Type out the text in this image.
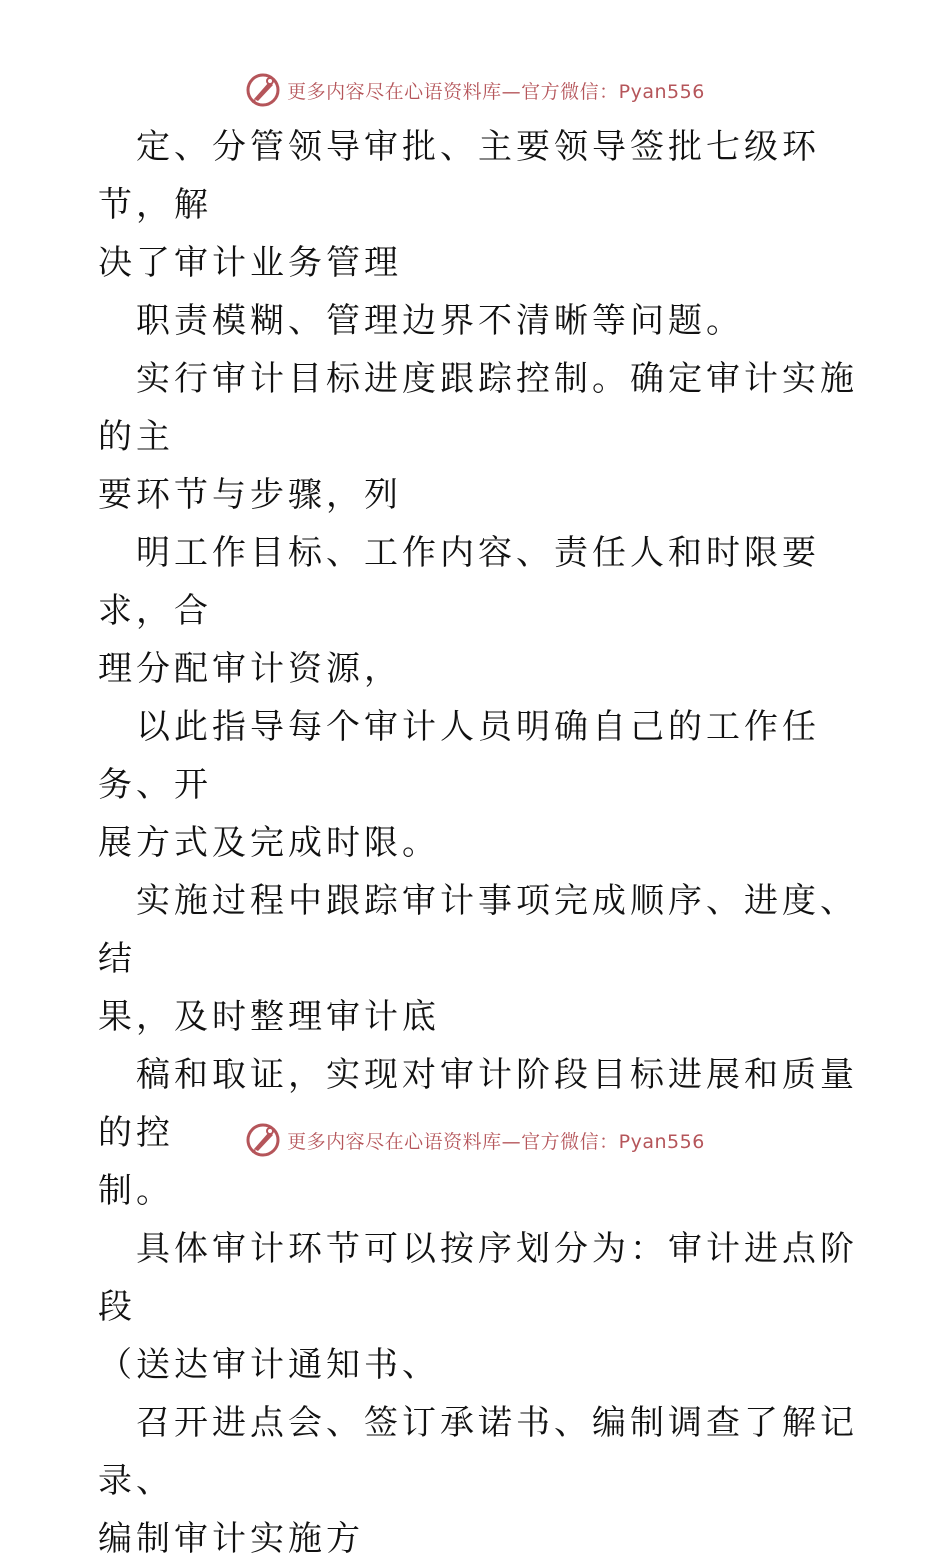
更多内容尽在心语资料库—官方微信：Pyan556

定、分管领导审批、主要领导签批七级环节，解
决了审计业务管理

职责模糊、管理边界不清晰等问题。

实行审计目标进度跟踪控制。确定审计实施的主
要环节与步骤，列

明工作目标、工作内容、责任人和时限要求，合
理分配审计资源，

以此指导每个审计人员明确自己的工作任务、开
展方式及完成时限。

实施过程中跟踪审计事项完成顺序、进度、结
果，及时整理审计底

稿和取证，实现对审计阶段目标进展和质量的控
制。

具体审计环节可以按序划分为：审计进点阶段
（送达审计通知书、

召开进点会、签订承诺书、编制调查了解记录、
编制审计实施方

更多内容尽在心语资料库—官方微信：Pyan556
